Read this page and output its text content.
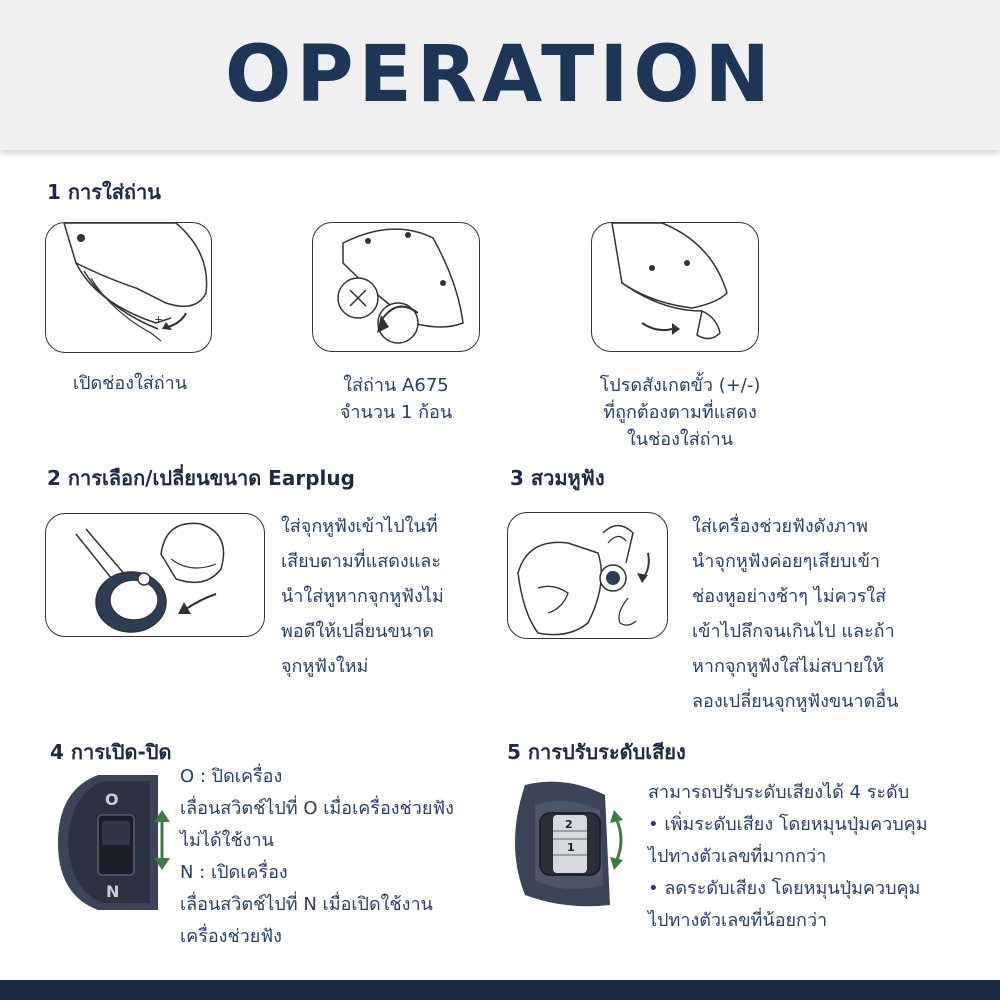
OPERATION
1 การใส่ถ่าน
+
เปิดช่องใส่ถ่าน	ใส่ถ่าน A675
จำนวน 1 ก้อน
โปรดสังเกตขั้ว (+/-)
ที่ถูกต้องตามที่แสดง
ในช่องใส่ถ่าน
2 การเลือก/เปลี่ยนขนาด Earplug
ใส่จุกหูฟังเข้าไปในที่
เสียบตามที่แสดงและ
นำใส่หูหากจุกหูฟังไม่
พอดีให้เปลี่ยนขนาด
จุกหูฟังใหม่
3 สวมหูฟัง
ใส่เครื่องช่วยฟังดังภาพ
นำจุกหูฟังค่อยๆเสียบเข้า
ช่องหูอย่างช้าๆ ไม่ควรใส่
เข้าไปลึกจนเกินไป และถ้า
หากจุกหูฟังใส่ไม่สบายให้
ลองเปลี่ยนจุกหูฟังขนาดอื่น
4 การเปิด-ปิด
O
N
O : ปิดเครื่อง
เลื่อนสวิตช์ไปที่ O เมื่อเครื่องช่วยฟัง
ไม่ได้ใช้งาน
N : เปิดเครื่อง
เลื่อนสวิตช์ไปที่ N เมื่อเปิดใช้งาน
เครื่องช่วยฟัง
5 การปรับระดับเสียง
2
1
สามารถปรับระดับเสียงได้ 4 ระดับ
• เพิ่มระดับเสียง โดยหมุนปุ่มควบคุม
ไปทางตัวเลขที่มากกว่า
• ลดระดับเสียง โดยหมุนปุ่มควบคุม
ไปทางตัวเลขที่น้อยกว่า
